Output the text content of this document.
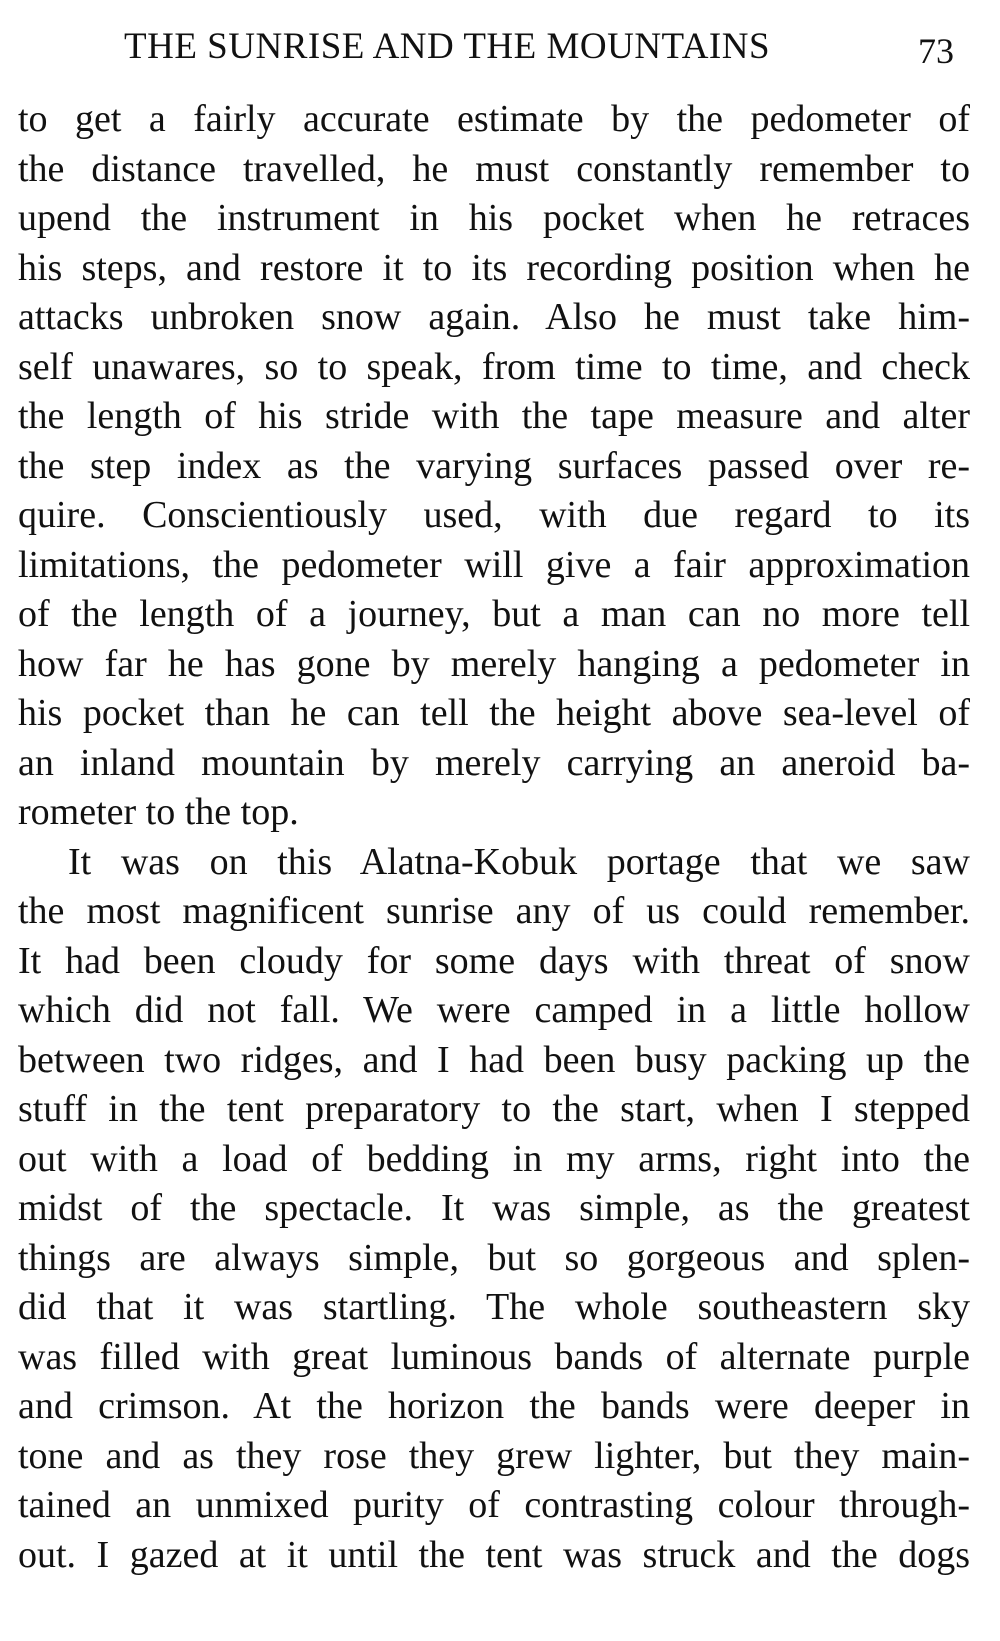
THE SUNRISE AND THE MOUNTAINS	73
to get a fairly accurate estimate by the pedometer of
the distance travelled, he must constantly remember to
upend the instrument in his pocket when he retraces
his steps, and restore it to its recording position when he
attacks unbroken snow again. Also he must take him-
self unawares, so to speak, from time to time, and check
the length of his stride with the tape measure and alter
the step index as the varying surfaces passed over re-
quire. Conscientiously used, with due regard to its
limitations, the pedometer will give a fair approximation
of the length of a journey, but a man can no more tell
how far he has gone by merely hanging a pedometer in
his pocket than he can tell the height above sea-level of
an inland mountain by merely carrying an aneroid ba-
rometer to the top.
It was on this Alatna-Kobuk portage that we saw
the most magnificent sunrise any of us could remember.
It had been cloudy for some days with threat of snow
which did not fall. We were camped in a little hollow
between two ridges, and I had been busy packing up the
stuff in the tent preparatory to the start, when I stepped
out with a load of bedding in my arms, right into the
midst of the spectacle. It was simple, as the greatest
things are always simple, but so gorgeous and splen-
did that it was startling. The whole southeastern sky
was filled with great luminous bands of alternate purple
and crimson. At the horizon the bands were deeper in
tone and as they rose they grew lighter, but they main-
tained an unmixed purity of contrasting colour through-
out. I gazed at it until the tent was struck and the dogs
